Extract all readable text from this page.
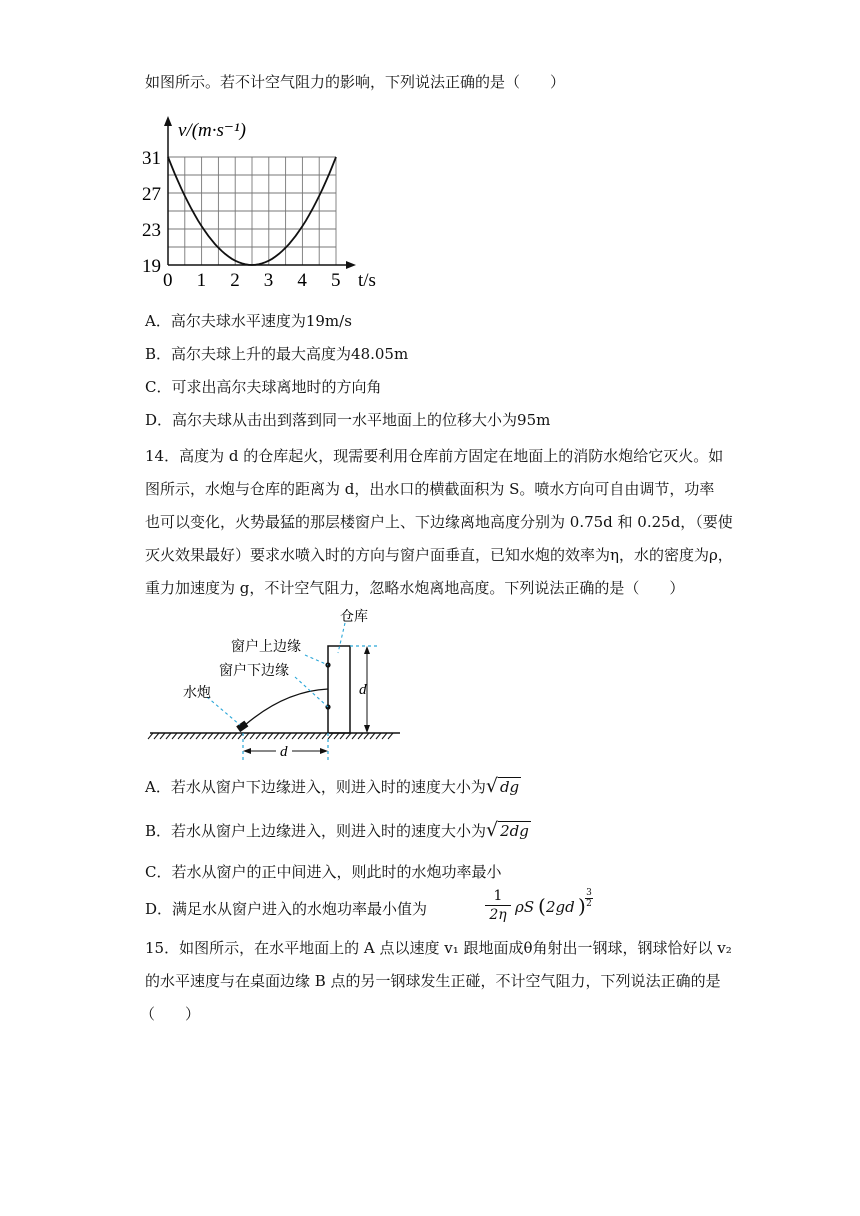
如图所示。若不计空气阻力的影响，下列说法正确的是（　　）
v/(m·s⁻¹)
t/s
31
27
23
19
0 1 2 3 4 5
A．高尔夫球水平速度为19m/s
B．高尔夫球上升的最大高度为48.05m
C．可求出高尔夫球离地时的方向角
D．高尔夫球从击出到落到同一水平地面上的位移大小为95m
14．高度为 d 的仓库起火，现需要利用仓库前方固定在地面上的消防水炮给它灭火。如
图所示，水炮与仓库的距离为 d，出水口的横截面积为 S。喷水方向可自由调节，功率
也可以变化，火势最猛的那层楼窗户上、下边缘离地高度分别为 0.75d 和 0.25d，（要使
灭火效果最好）要求水喷入时的方向与窗户面垂直，已知水炮的效率为η，水的密度为ρ，
重力加速度为 g，不计空气阻力，忽略水炮离地高度。下列说法正确的是（　　）
d
d
仓库
窗户上边缘
窗户下边缘
水炮
A．若水从窗户下边缘进入，则进入时的速度大小为√ dg
B．若水从窗户上边缘进入，则进入时的速度大小为√ 2dg
C．若水从窗户的正中间进入，则此时的水炮功率最小
D．满足水从窗户进入的水炮功率最小值为	$\frac{1}{2\eta}$ ρS ( 2gd ) $\frac{3}{2}$
15．如图所示，在水平地面上的 A 点以速度 v₁ 跟地面成θ角射出一钢球，钢球恰好以 v₂
的水平速度与在桌面边缘 B 点的另一钢球发生正碰，不计空气阻力，下列说法正确的是
（　　）
